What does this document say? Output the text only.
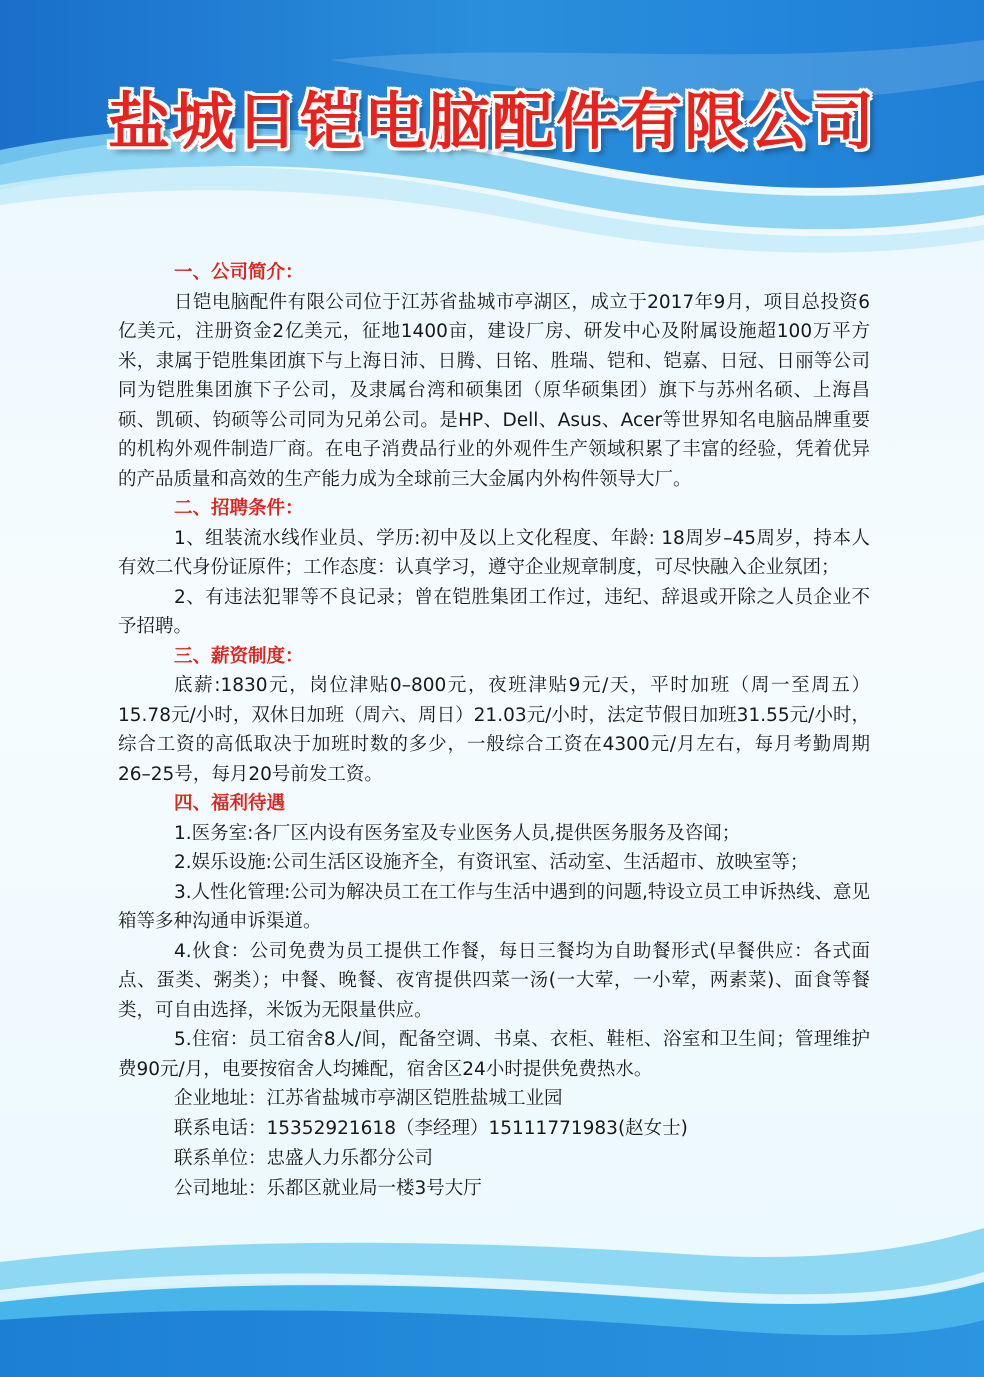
盐城日铠电脑配件有限公司
一、公司简介：

日铠电脑配件有限公司位于江苏省盐城市亭湖区，成立于2017年9月，项目总投资6亿美元，注册资金2亿美元，征地1400亩，建设厂房、研发中心及附属设施超100万平方米，隶属于铠胜集团旗下与上海日沛、日腾、日铭、胜瑞、铠和、铠嘉、日冠、日丽等公司同为铠胜集团旗下子公司，及隶属台湾和硕集团（原华硕集团）旗下与苏州名硕、上海昌硕、凯硕、钧硕等公司同为兄弟公司。是HP、Dell、Asus、Acer等世界知名电脑品牌重要的机构外观件制造厂商。在电子消费品行业的外观件生产领域积累了丰富的经验，凭着优异的产品质量和高效的生产能力成为全球前三大金属内外构件领导大厂。

二、招聘条件：

1、组装流水线作业员、学历:初中及以上文化程度、年龄: 18周岁–45周岁，持本人有效二代身份证原件；工作态度：认真学习，遵守企业规章制度，可尽快融入企业氛团；

2、有违法犯罪等不良记录；曾在铠胜集团工作过，违纪、辞退或开除之人员企业不予招聘。

三、薪资制度：

底薪:1830元，岗位津贴0–800元，夜班津贴9元/天，平时加班（周一至周五）15.78元/小时，双休日加班（周六、周日）21.03元/小时，法定节假日加班31.55元/小时，综合工资的高低取决于加班时数的多少，一般综合工资在4300元/月左右，每月考勤周期26–25号，每月20号前发工资。

四、福利待遇

1.医务室:各厂区内设有医务室及专业医务人员,提供医务服务及咨闻；

2.娱乐设施:公司生活区设施齐全，有资讯室、活动室、生活超市、放映室等；

3.人性化管理:公司为解决员工在工作与生活中遇到的问题,特设立员工申诉热线、意见箱等多种沟通申诉渠道。

4.伙食：公司免费为员工提供工作餐，每日三餐均为自助餐形式(早餐供应：各式面点、蛋类、粥类）；中餐、晚餐、夜宵提供四菜一汤(一大荤，一小荤，两素菜)、面食等餐类，可自由选择，米饭为无限量供应。

5.住宿：员工宿舍8人/间，配备空调、书桌、衣柜、鞋柜、浴室和卫生间；管理维护费90元/月，电要按宿舍人均摊配，宿舍区24小时提供免费热水。

企业地址：江苏省盐城市亭湖区铠胜盐城工业园
联系电话：15352921618（李经理）15111771983(赵女士)
联系单位：忠盛人力乐都分公司
公司地址：乐都区就业局一楼3号大厅
